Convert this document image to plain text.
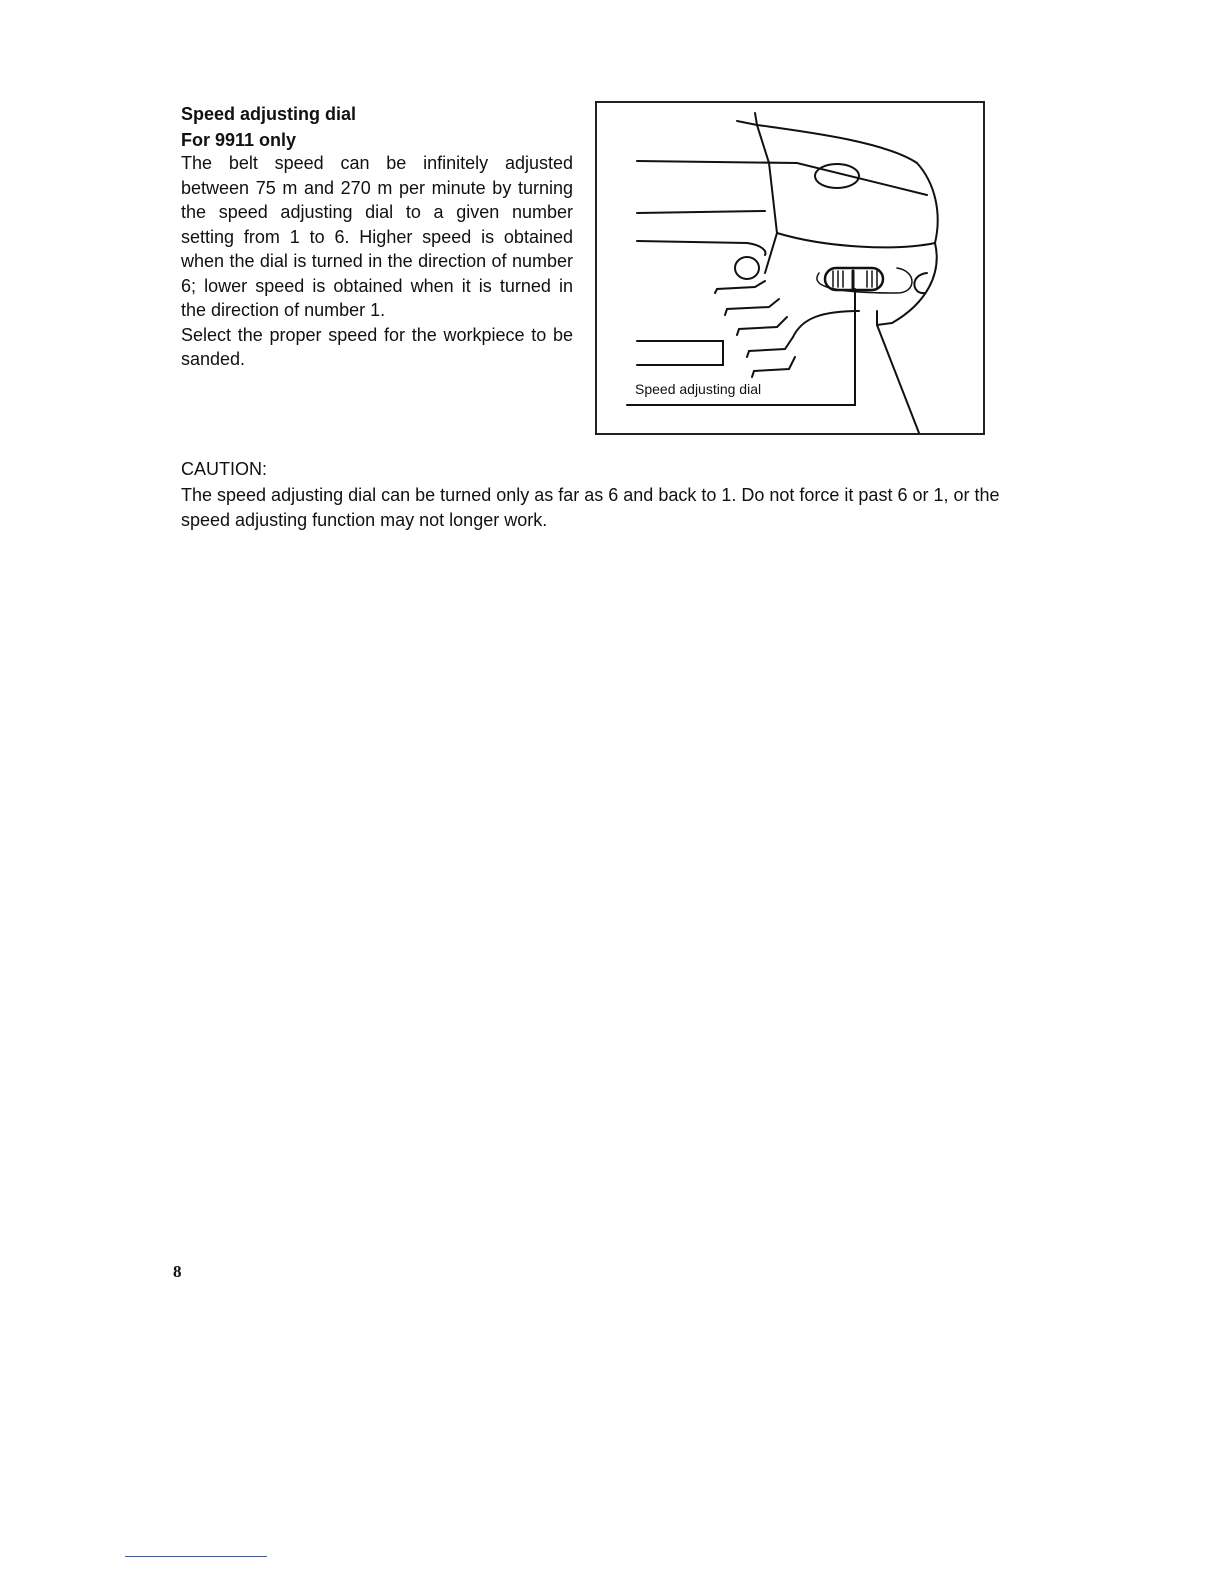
Speed adjusting dial
For 9911 only

The belt speed can be infinitely adjusted between 75 m and 270 m per minute by turning the speed adjusting dial to a given number setting from 1 to 6. Higher speed is obtained when the dial is turned in the direction of number 6; lower speed is obtained when it is turned in the direction of number 1.

Select the proper speed for the workpiece to be sanded.

Speed adjusting dial
CAUTION:
The speed adjusting dial can be turned only as far as 6 and back to 1. Do not force it past 6 or 1, or the speed adjusting function may not longer work.
8
